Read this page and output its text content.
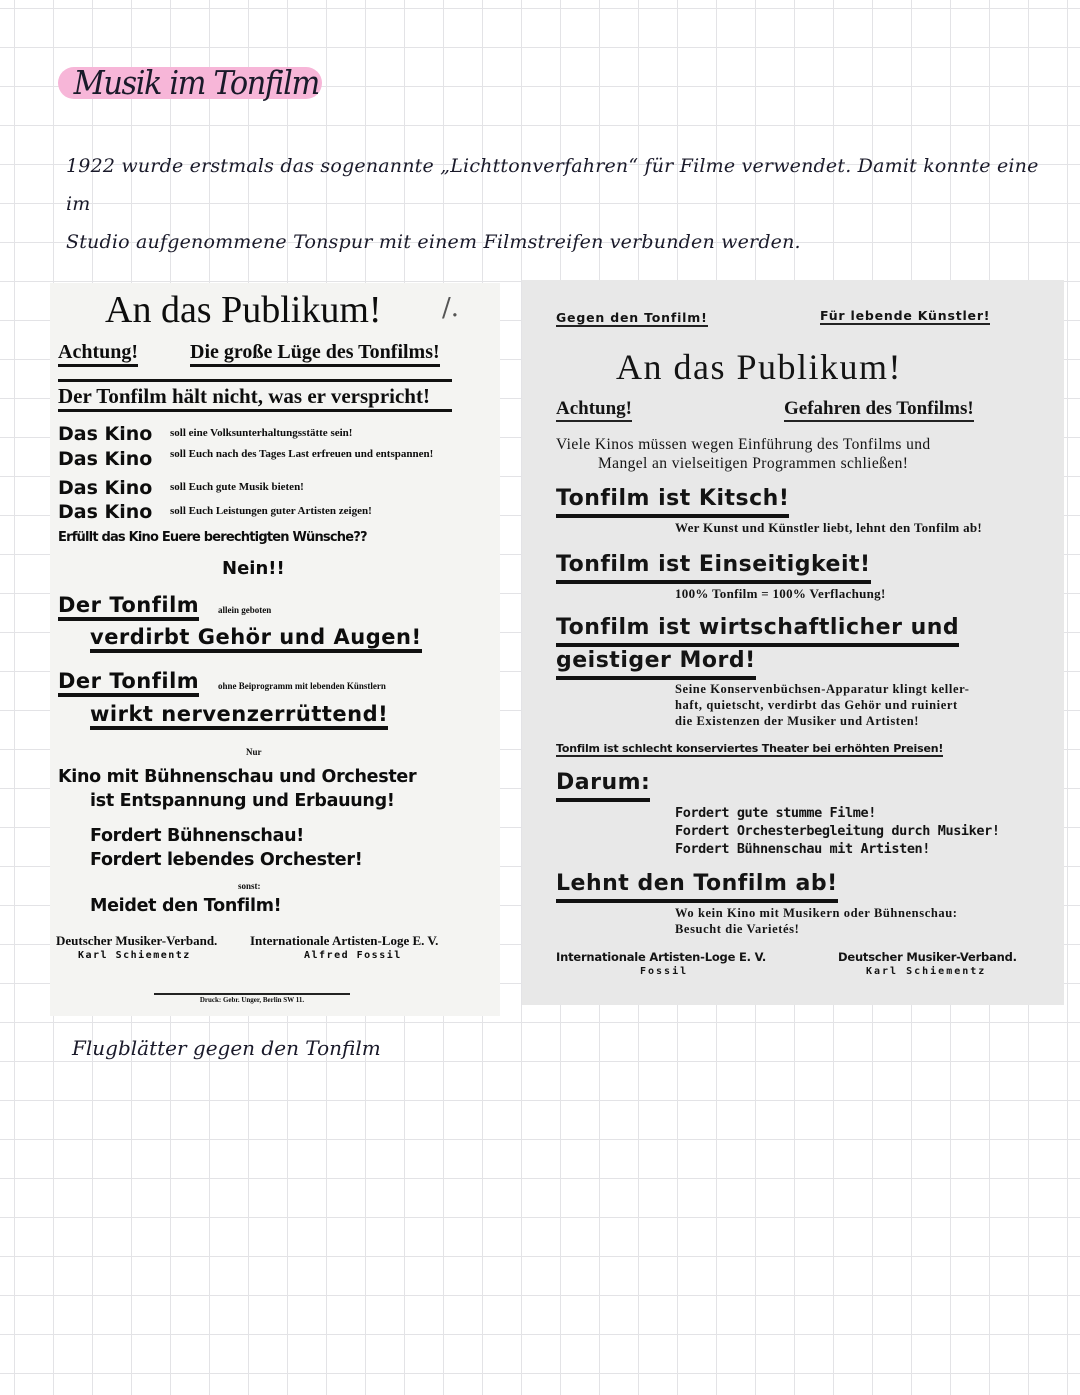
Musik im Tonfilm
1922 wurde erstmals das sogenannte „Lichttonverfahren“ für Filme verwendet. Damit konnte eine im
Studio aufgenommene Tonspur mit einem Filmstreifen verbunden werden.
An das Publikum! /.
Achtung!	Die große Lüge des Tonfilms!
Der Tonfilm hält nicht, was er verspricht!
Das Kino	soll eine Volksunterhaltungsstätte sein!
Das Kino	soll Euch nach des Tages Last erfreuen und entspannen!
Das Kino	soll Euch gute Musik bieten!
Das Kino	soll Euch Leistungen guter Artisten zeigen!
Erfüllt das Kino Euere berechtigten Wünsche??
Nein!!
Der Tonfilm allein geboten
verdirbt Gehör und Augen!
Der Tonfilm ohne Beiprogramm mit lebenden Künstlern
wirkt nervenzerrüttend!
Nur
Kino mit Bühnenschau und Orchester
ist Entspannung und Erbauung!
Fordert Bühnenschau!
Fordert lebendes Orchester!
sonst:
Meidet den Tonfilm!
Deutscher Musiker-Verband.
Karl Schiementz
Internationale Artisten-Loge E. V.
Alfred Fossil
Druck: Gebr. Unger, Berlin SW 11.
Gegen den Tonfilm!	Für lebende Künstler!
An das Publikum!
Achtung!	Gefahren des Tonfilms!
Viele Kinos müssen wegen Einführung des Tonfilms und
Mangel an vielseitigen Programmen schließen!
Tonfilm ist Kitsch!
Wer Kunst und Künstler liebt, lehnt den Tonfilm ab!
Tonfilm ist Einseitigkeit!
100% Tonfilm = 100% Verflachung!
Tonfilm ist wirtschaftlicher und
geistiger Mord!
Seine Konservenbüchsen-Apparatur klingt keller-
haft, quietscht, verdirbt das Gehör und ruiniert
die Existenzen der Musiker und Artisten!
Tonfilm ist schlecht konserviertes Theater bei erhöhten Preisen!
Darum:
Fordert gute stumme Filme!
Fordert Orchesterbegleitung durch Musiker!
Fordert Bühnenschau mit Artisten!
Lehnt den Tonfilm ab!
Wo kein Kino mit Musikern oder Bühnenschau:
Besucht die Varietés!
Internationale Artisten-Loge E. V.
Fossil
Deutscher Musiker-Verband.
Karl Schiementz
Flugblätter gegen den Tonfilm
